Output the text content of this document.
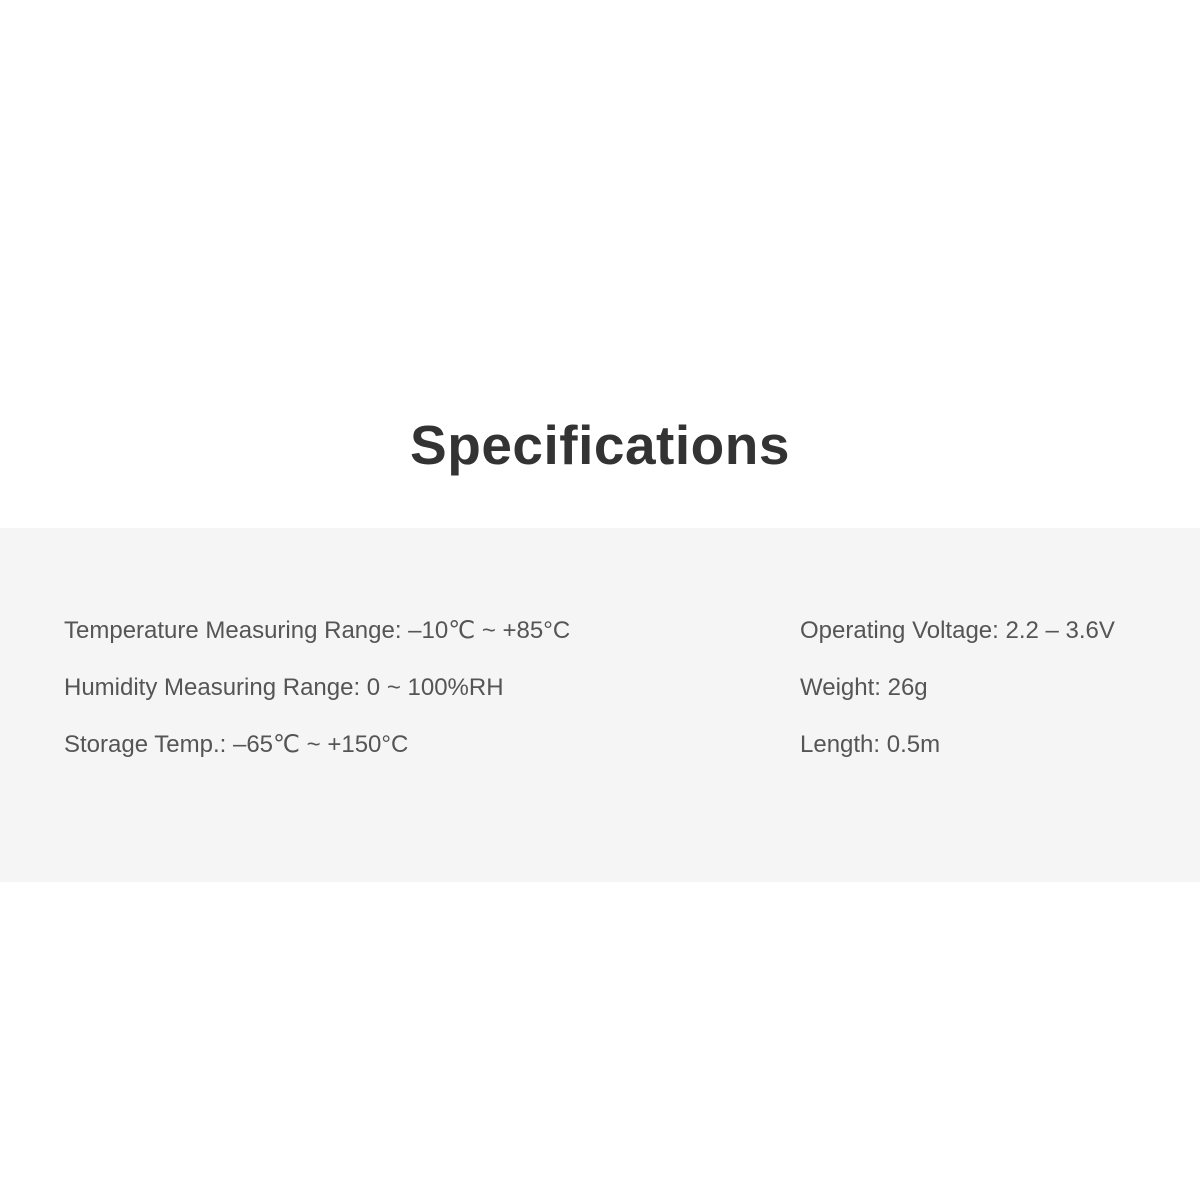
Specifications

Temperature Measuring Range: –10℃ ~ +85°C

Humidity Measuring Range: 0 ~ 100%RH

Storage Temp.: –65℃ ~ +150°C

Operating Voltage: 2.2 – 3.6V

Weight: 26g

Length: 0.5m
